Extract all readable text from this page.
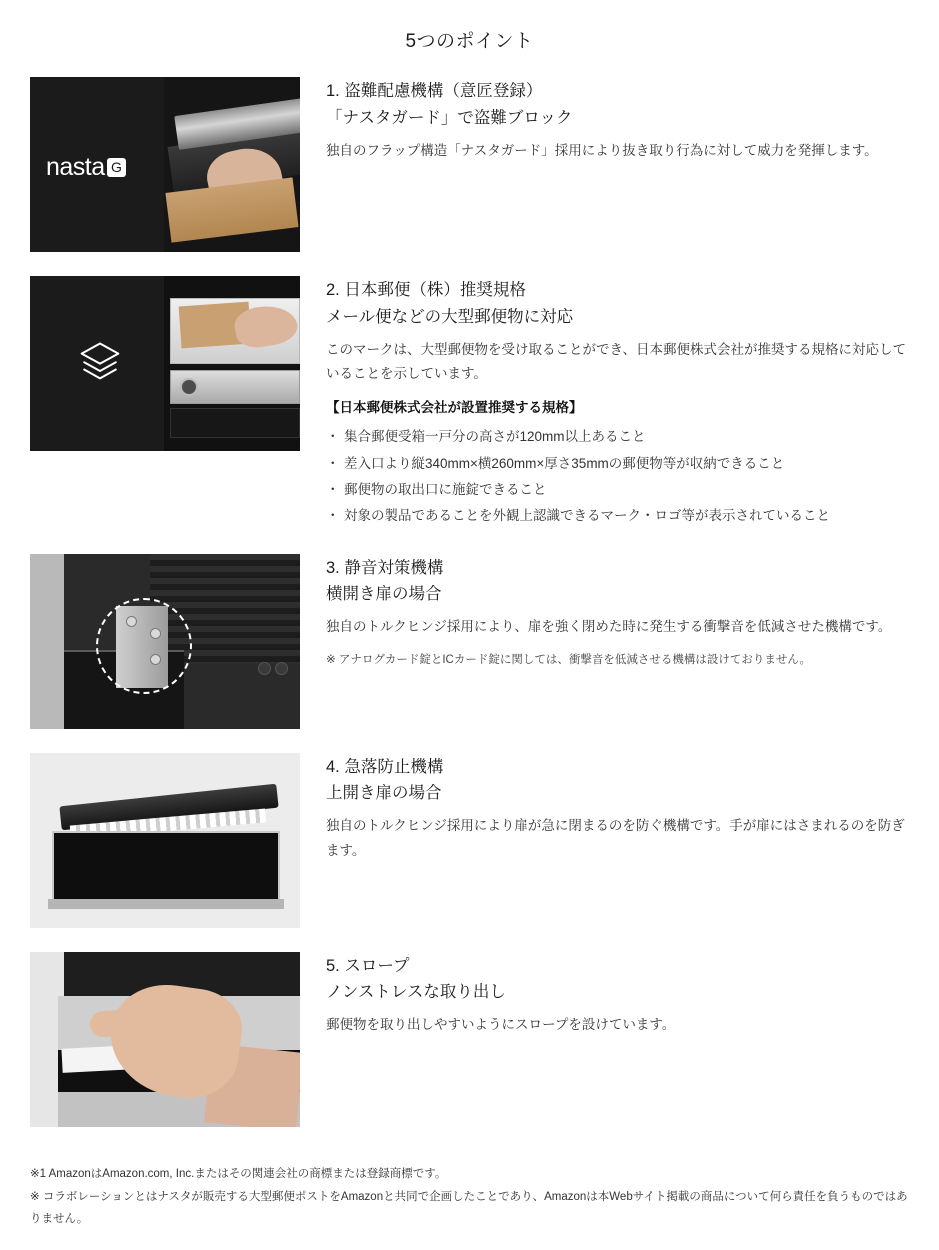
5つのポイント
nasta G

1. 盗難配慮機構（意匠登録）

「ナスタガード」で盗難ブロック

独自のフラップ構造「ナスタガード」採用により抜き取り行為に対して威力を発揮します。

2. 日本郵便（株）推奨規格

メール便などの大型郵便物に対応

このマークは、大型郵便物を受け取ることができ、日本郵便株式会社が推奨する規格に対応していることを示しています。

【日本郵便株式会社が設置推奨する規格】

・ 集合郵便受箱一戸分の高さが120mm以上あること
・ 差入口より縦340mm×横260mm×厚さ35mmの郵便物等が収納できること
・ 郵便物の取出口に施錠できること
・ 対象の製品であることを外観上認識できるマーク・ロゴ等が表示されていること

3. 静音対策機構

横開き扉の場合

独自のトルクヒンジ採用により、扉を強く閉めた時に発生する衝撃音を低減させた機構です。

※ アナログカード錠とICカード錠に関しては、衝撃音を低減させる機構は設けておりません。

4. 急落防止機構

上開き扉の場合

独自のトルクヒンジ採用により扉が急に閉まるのを防ぐ機構です。手が扉にはさまれるのを防ぎます。

5. スロープ

ノンストレスな取り出し

郵便物を取り出しやすいようにスロープを設けています。

※1 AmazonはAmazon.com, Inc.またはその関連会社の商標または登録商標です。

※ コラボレーションとはナスタが販売する大型郵便ポストをAmazonと共同で企画したことであり、Amazonは本Webサイト掲載の商品について何ら責任を負うものではありません。
